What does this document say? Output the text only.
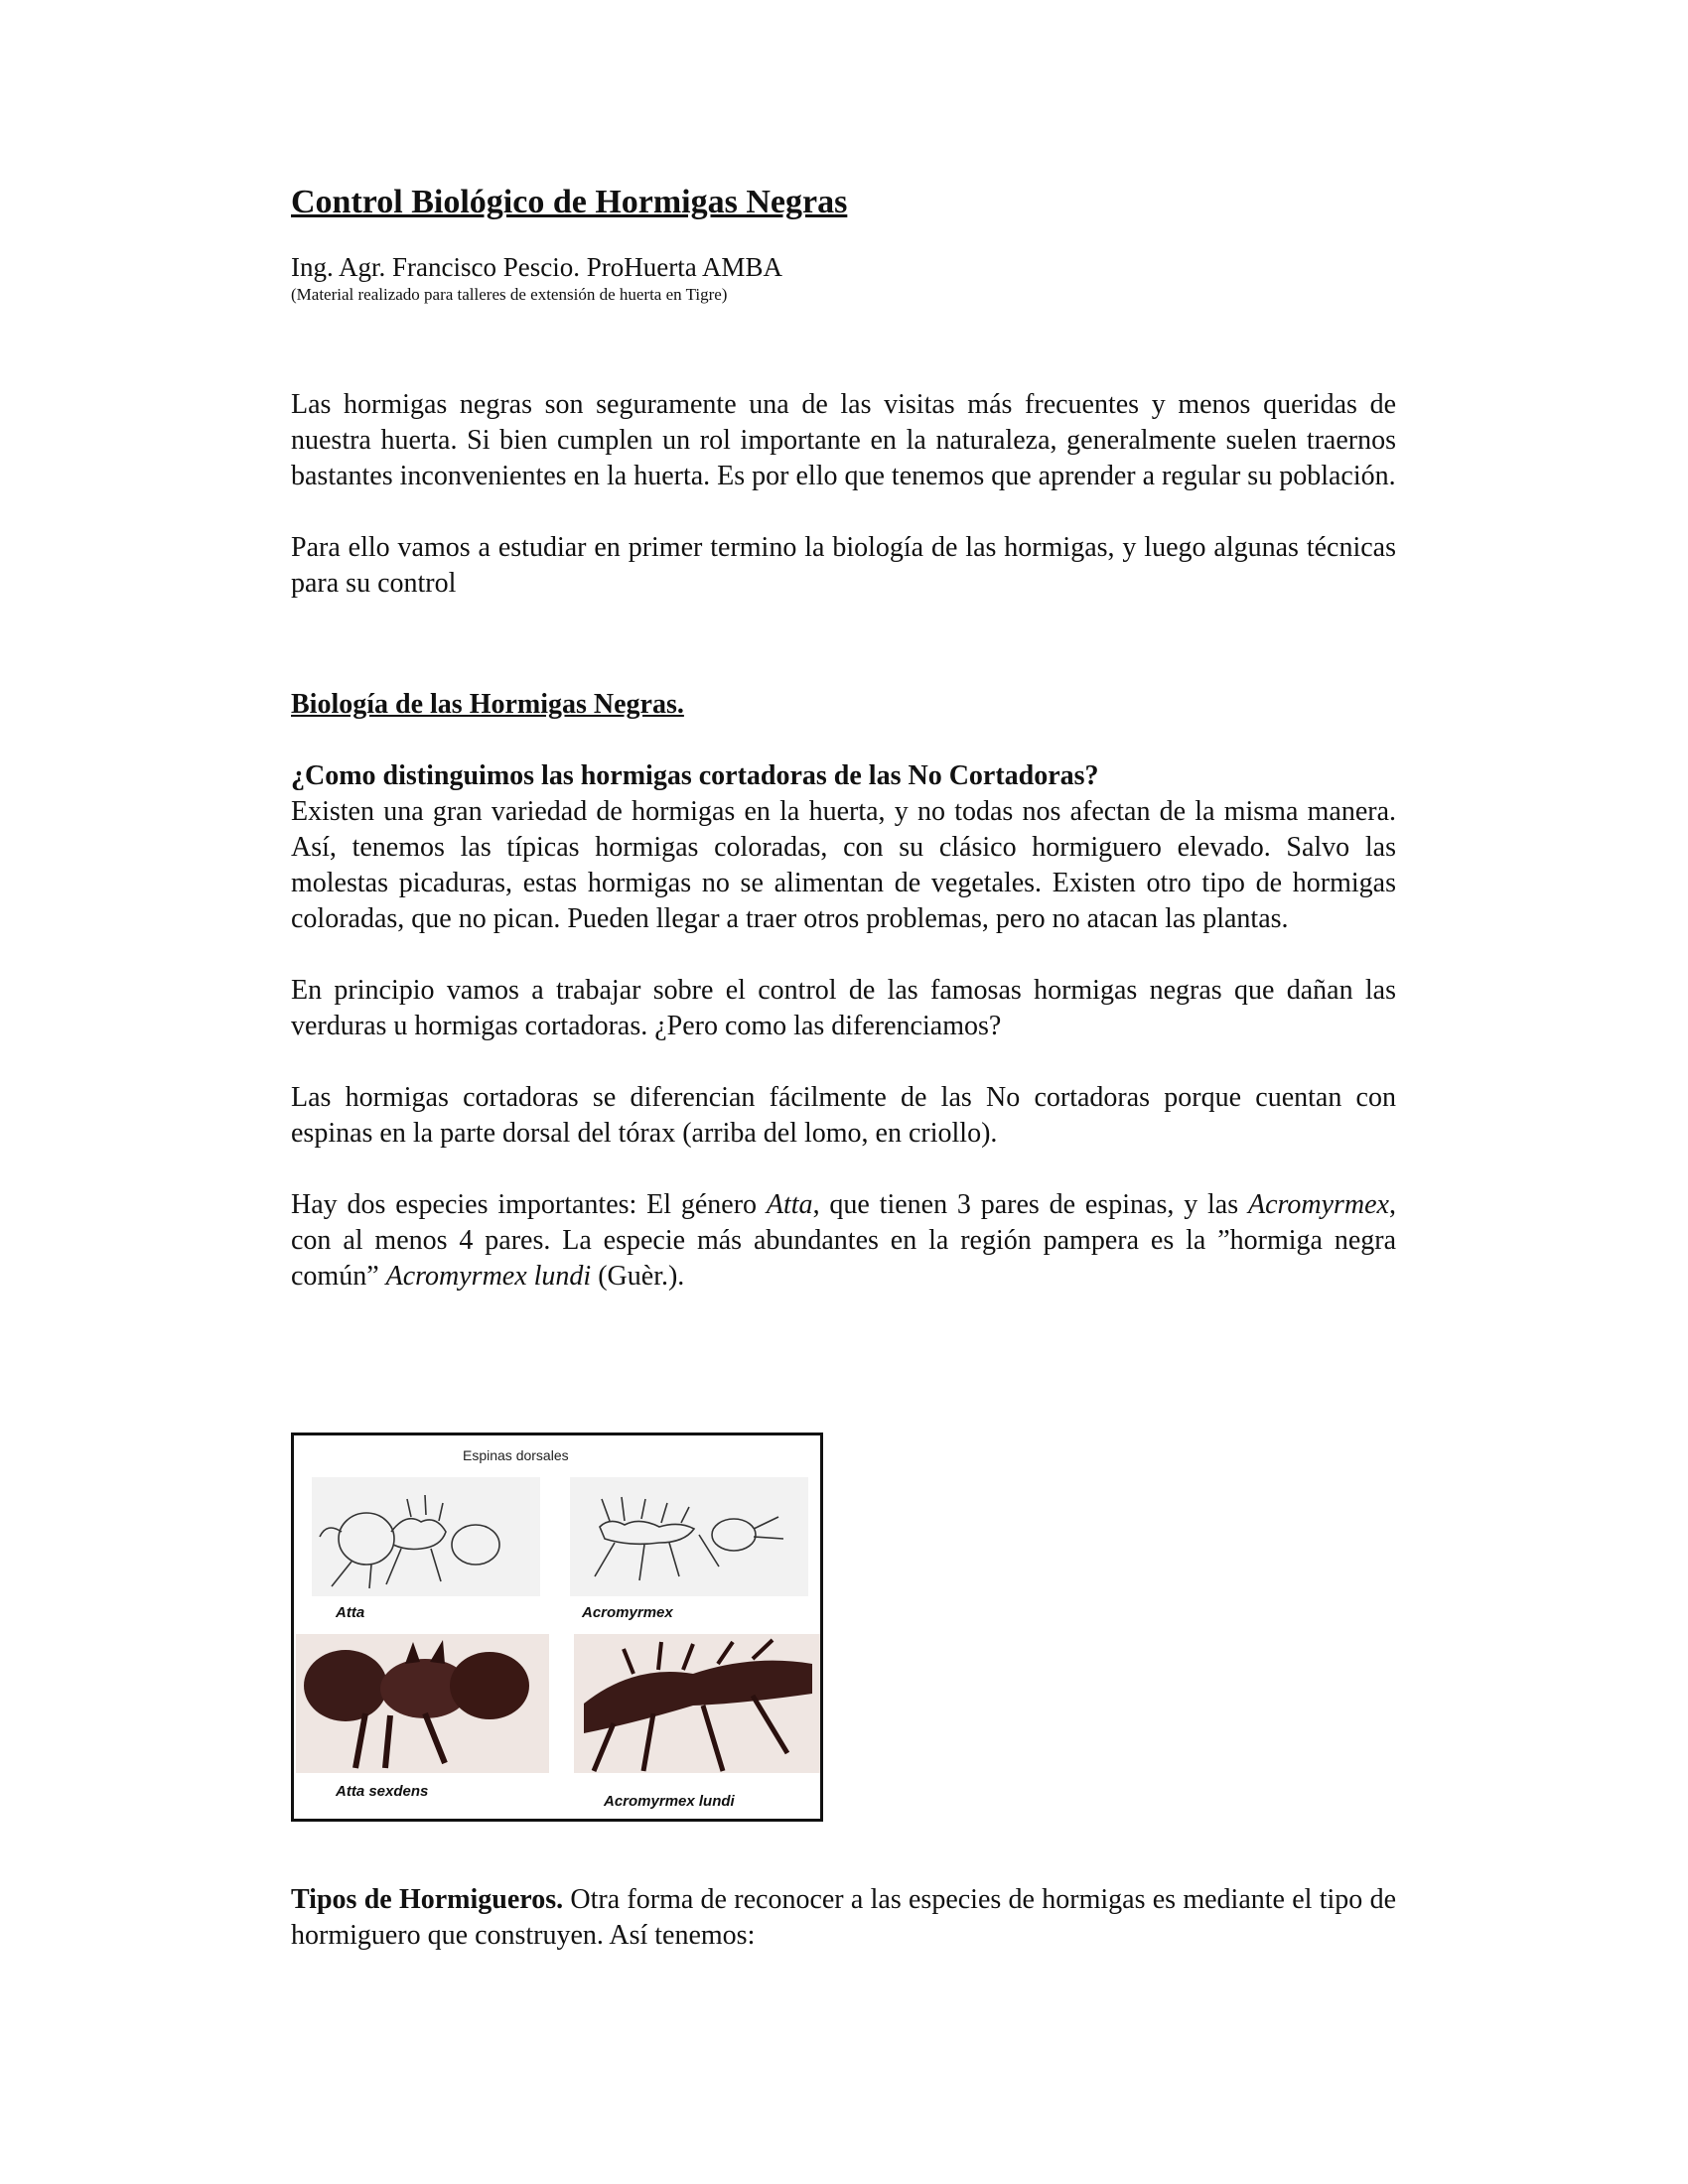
Control Biológico de Hormigas Negras
Ing. Agr. Francisco Pescio. ProHuerta AMBA
(Material realizado para talleres de extensión de huerta en Tigre)

Las hormigas negras son seguramente una de las visitas más frecuentes y menos queridas de nuestra huerta. Si bien cumplen un rol importante en la naturaleza, generalmente suelen traernos bastantes inconvenientes en la huerta. Es por ello que tenemos que aprender a regular su población.

Para ello vamos a estudiar en primer termino la biología de las hormigas, y luego algunas técnicas para su control

Biología de las Hormigas Negras.
¿Como distinguimos las hormigas cortadoras de las No Cortadoras?

Existen una gran variedad de hormigas en la huerta, y no todas nos afectan de la misma manera. Así, tenemos las típicas hormigas coloradas, con su clásico hormiguero elevado. Salvo las molestas picaduras, estas hormigas no se alimentan de vegetales. Existen otro tipo de hormigas coloradas, que no pican. Pueden llegar a traer otros problemas, pero no atacan las plantas.

En principio vamos a trabajar sobre el control de las famosas hormigas negras que dañan las verduras u hormigas cortadoras. ¿Pero como las diferenciamos?

Las hormigas cortadoras se diferencian fácilmente de las No cortadoras porque cuentan con espinas en la parte dorsal del tórax (arriba del lomo, en criollo).

Hay dos especies importantes: El género Atta, que tienen 3 pares de espinas, y las Acromyrmex, con al menos 4 pares. La especie más abundantes en la región pampera es la ”hormiga negra común” Acromyrmex lundi (Guèr.).

Espinas dorsales
Atta	Acromyrmex
Atta sexdens
Acromyrmex lundi

Tipos de Hormigueros. Otra forma de reconocer a las especies de hormigas es mediante el tipo de hormiguero que construyen. Así tenemos:
